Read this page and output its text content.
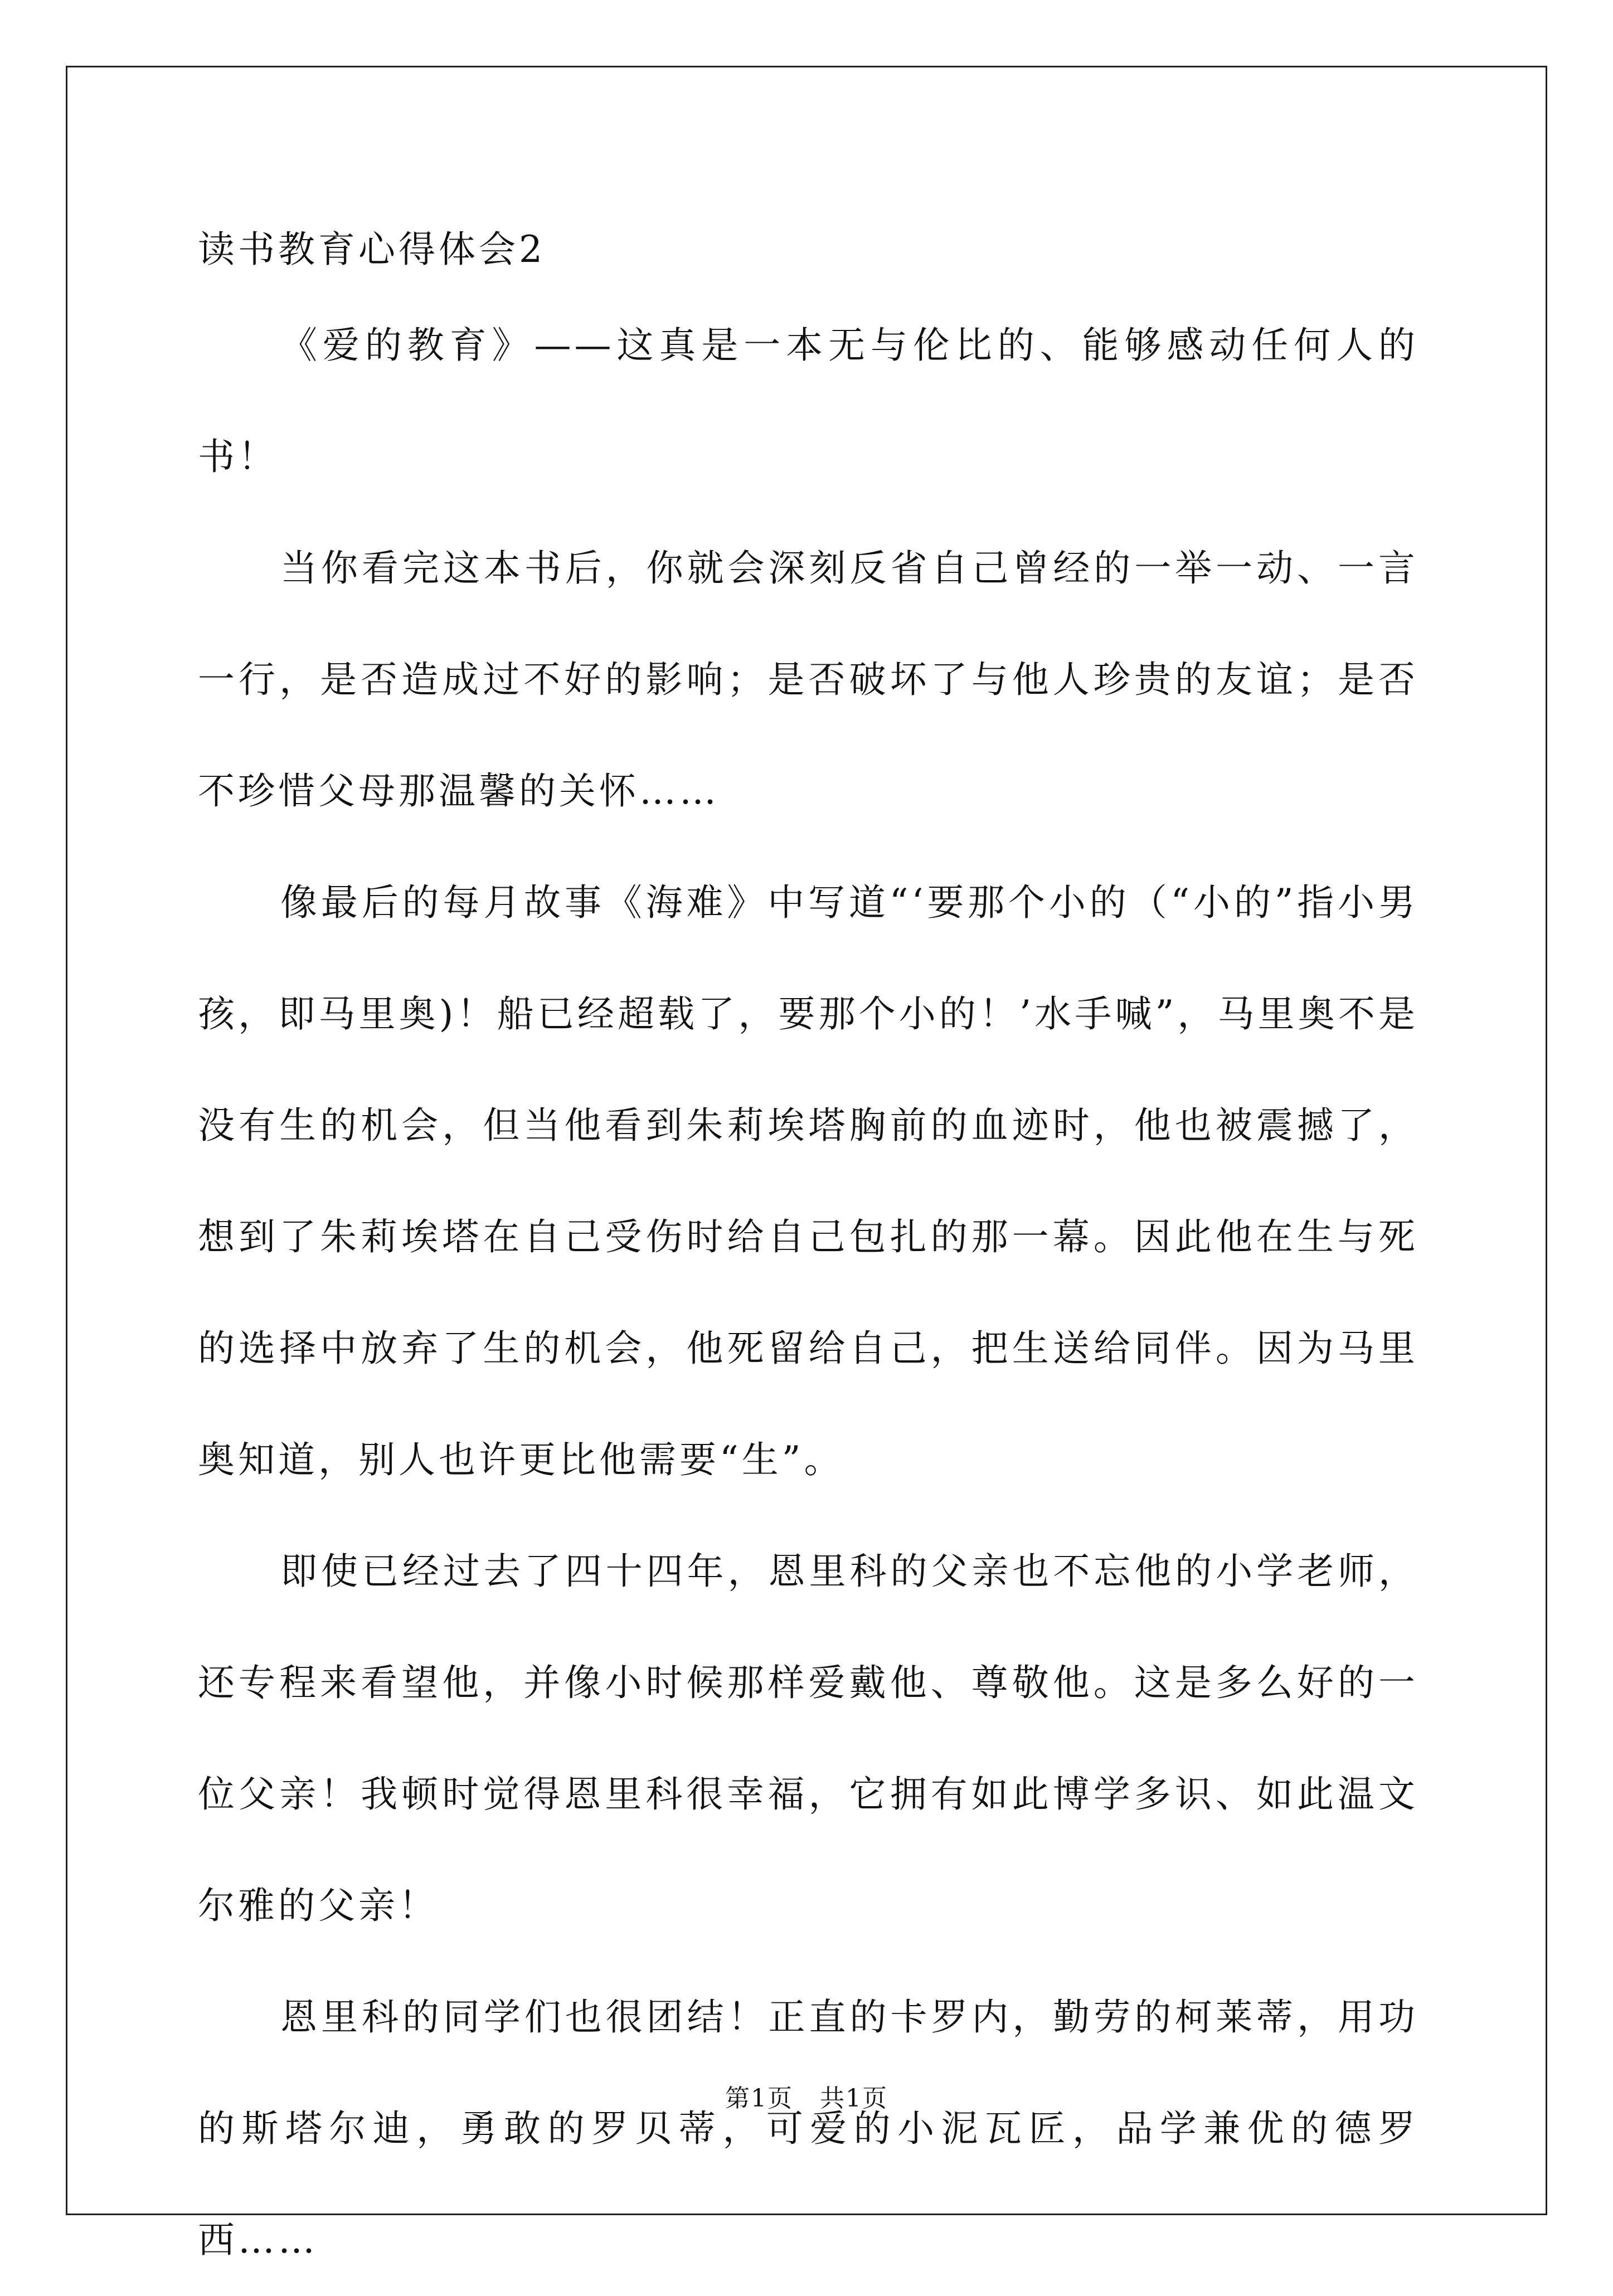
读书教育心得体会2

《爱的教育》——这真是一本无与伦比的、能够感动任何人的书！

当你看完这本书后，你就会深刻反省自己曾经的一举一动、一言一行，是否造成过不好的影响；是否破坏了与他人珍贵的友谊；是否不珍惜父母那温馨的关怀……

像最后的每月故事《海难》中写道“‘要那个小的（“小的”指小男孩，即马里奥)！船已经超载了，要那个小的！’水手喊”，马里奥不是没有生的机会，但当他看到朱莉埃塔胸前的血迹时，他也被震撼了，想到了朱莉埃塔在自己受伤时给自己包扎的那一幕。因此他在生与死的选择中放弃了生的机会，他死留给自己，把生送给同伴。因为马里奥知道，别人也许更比他需要“生”。

即使已经过去了四十四年，恩里科的父亲也不忘他的小学老师，还专程来看望他，并像小时候那样爱戴他、尊敬他。这是多么好的一位父亲！我顿时觉得恩里科很幸福，它拥有如此博学多识、如此温文尔雅的父亲！

恩里科的同学们也很团结！正直的卡罗内，勤劳的柯莱蒂，用功的斯塔尔迪，勇敢的罗贝蒂，可爱的小泥瓦匠，品学兼优的德罗西……

第1页   共1页
